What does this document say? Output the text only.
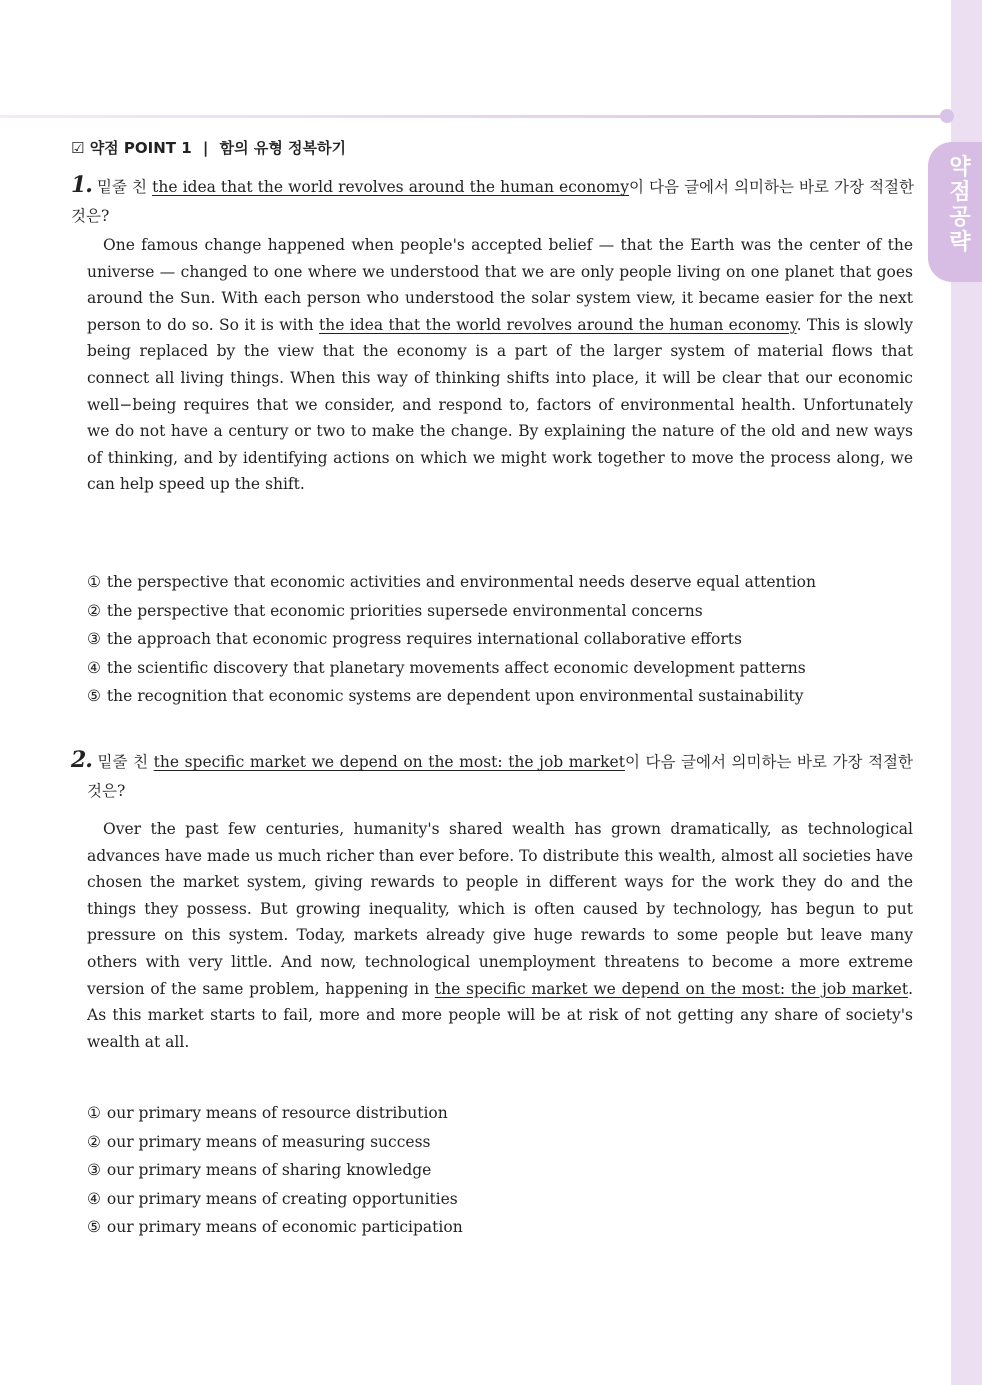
약
점
공
략
☑ 약점 POINT 1 | 함의 유형 정복하기
1. 밑줄 친 the idea that the world revolves around the human economy이 다음 글에서 의미하는 바로 가장 적절한 것은?

One famous change happened when people's accepted belief — that the Earth was the center of the universe — changed to one where we understood that we are only people living on one planet that goes around the Sun. With each person who understood the solar system view, it became easier for the next person to do so. So it is with the idea that the world revolves around the human economy. This is slowly being replaced by the view that the economy is a part of the larger system of material flows that connect all living things. When this way of thinking shifts into place, it will be clear that our economic well−being requires that we consider, and respond to, factors of environmental health. Unfortunately we do not have a century or two to make the change. By explaining the nature of the old and new ways of thinking, and by identifying actions on which we might work together to move the process along, we can help speed up the shift.

① the perspective that economic activities and environmental needs deserve equal attention
② the perspective that economic priorities supersede environmental concerns
③ the approach that economic progress requires international collaborative efforts
④ the scientific discovery that planetary movements affect economic development patterns
⑤ the recognition that economic systems are dependent upon environmental sustainability
2. 밑줄 친 the specific market we depend on the most: the job market이 다음 글에서 의미하는 바로 가장 적절한 것은?

Over the past few centuries, humanity's shared wealth has grown dramatically, as technological advances have made us much richer than ever before. To distribute this wealth, almost all societies have chosen the market system, giving rewards to people in different ways for the work they do and the things they possess. But growing inequality, which is often caused by technology, has begun to put pressure on this system. Today, markets already give huge rewards to some people but leave many others with very little. And now, technological unemployment threatens to become a more extreme version of the same problem, happening in the specific market we depend on the most: the job market. As this market starts to fail, more and more people will be at risk of not getting any share of society's wealth at all.

① our primary means of resource distribution
② our primary means of measuring success
③ our primary means of sharing knowledge
④ our primary means of creating opportunities
⑤ our primary means of economic participation
